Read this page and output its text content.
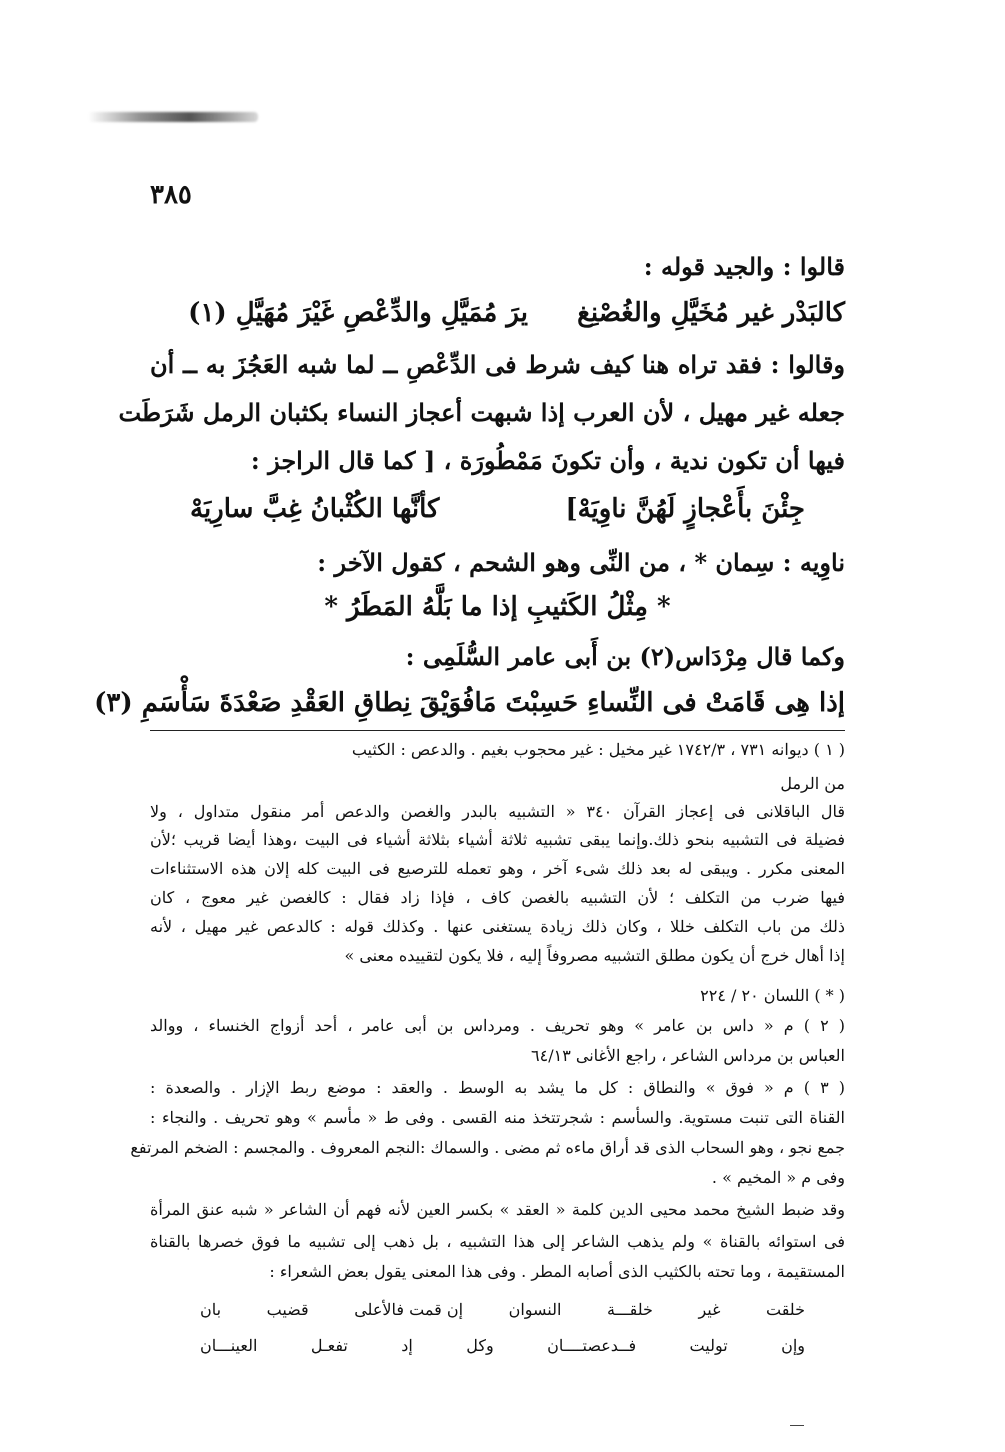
٣٨٥
قالوا : والجيد قوله :
كالبَدْر غير مُخَيَّلِ والغُصْنِغ يرَ مُمَيَّلِ والدِّعْصِ غَيْرَ مُهَيَّلِ (١)
وقالوا : فقد تراه هنا كيف شرط فى الدِّعْصِ ــ لما شبه العَجُزَ به ــ أن
جعله غير مهيل ، لأن العرب إذا شبهت أعجاز النساء بكثبان الرمل شَرَطَت
فيها أن تكون ندية ، وأن تكونَ مَمْطُورَة ، [ كما قال الراجز :
جِئْنَ بأَعْجازٍ لَهُنَّ ناوِيَهْ]
كأنَّها الكُثْبانُ غِبَّ سارِيَهْ
ناوِيه : سِمان * ، من النِّى وهو الشحم ، كقول الآخر :
* مِثْلُ الكَثيبِ إذا ما بَلَّهُ المَطَرُ *
وكما قال مِرْدَاس(٢) بن أَبى عامر السُّلَمِى :
إذا هِى قَامَتْ فى النِّساءِ حَسِبْتَ مَا
فُوَيْقَ نِطاقِ العَقْدِ صَعْدَةَ سَأْسَمِ (٣)
( ١ ) ديوانه ٧٣١ ، ١٧٤٢/٣ غير مخيل : غير محجوب بغيم . والدعص : الكثيب
من الرمل
قال الباقلانى فى إعجاز القرآن ٣٤٠ « التشبيه بالبدر والغصن والدعص أمر منقول متداول ، ولا
فضيلة فى التشبيه بنحو ذلك.وإنما يبقى تشبيه ثلاثة أشياء بثلاثة أشياء فى البيت ،وهذا أيضا قريب ؛لأن
المعنى مكرر . ويبقى له بعد ذلك شىء آخر ، وهو تعمله للترصيع فى البيت كله إلان هذه الاستثناءات
فيها ضرب من التكلف ؛ لأن التشبيه بالغصن كاف ، فإذا زاد فقال : كالغصن غير معوج ، كان
ذلك من باب التكلف خللا ، وكان ذلك زيادة يستغنى عنها . وكذلك قوله : كالدعص غير مهيل ، لأنه
إذا أهال خرج أن يكون مطلق التشبيه مصروفاً إليه ، فلا يكون لتقييده معنى »
( * ) اللسان ٢٠ / ٢٢٤
( ٢ ) م « داس بن عامر » وهو تحريف . ومرداس بن أبى عامر ، أحد أزواج الخنساء ، ووالد
العباس بن مرداس الشاعر ، راجع الأغانى ٦٤/١٣
( ٣ ) م « فوق » والنطاق : كل ما يشد به الوسط . والعقد : موضع ربط الإزار . والصعدة :
القناة التى تنبت مستوية. والسأسم : شجرتتخذ منه القسى . وفى ط « مأسم » وهو تحريف . والنجاء :
جمع نجو ، وهو السحاب الذى قد أراق ماءه ثم مضى . والسماك :النجم المعروف . والمجسم : الضخم المرتفع
وفى م « المخيم » .
وقد ضبط الشيخ محمد محيى الدين كلمة « العقد » بكسر العين لأنه فهم أن الشاعر « شبه عنق المرأة
فى استوائه بالقناة » ولم يذهب الشاعر إلى هذا التشبيه ، بل ذهب إلى تشبيه ما فوق خصرها بالقناة
المستقيمة ، وما تحته بالكثيب الذى أصابه المطر . وفى هذا المعنى يقول بعض الشعراء :
خلقت
غير
خلقـــة
النسوان
إن قمت فالأعلى
قضيب
بان
وإن
توليت
فــدعصتــــان
وكل
إد
تفعـل
العينـــان
